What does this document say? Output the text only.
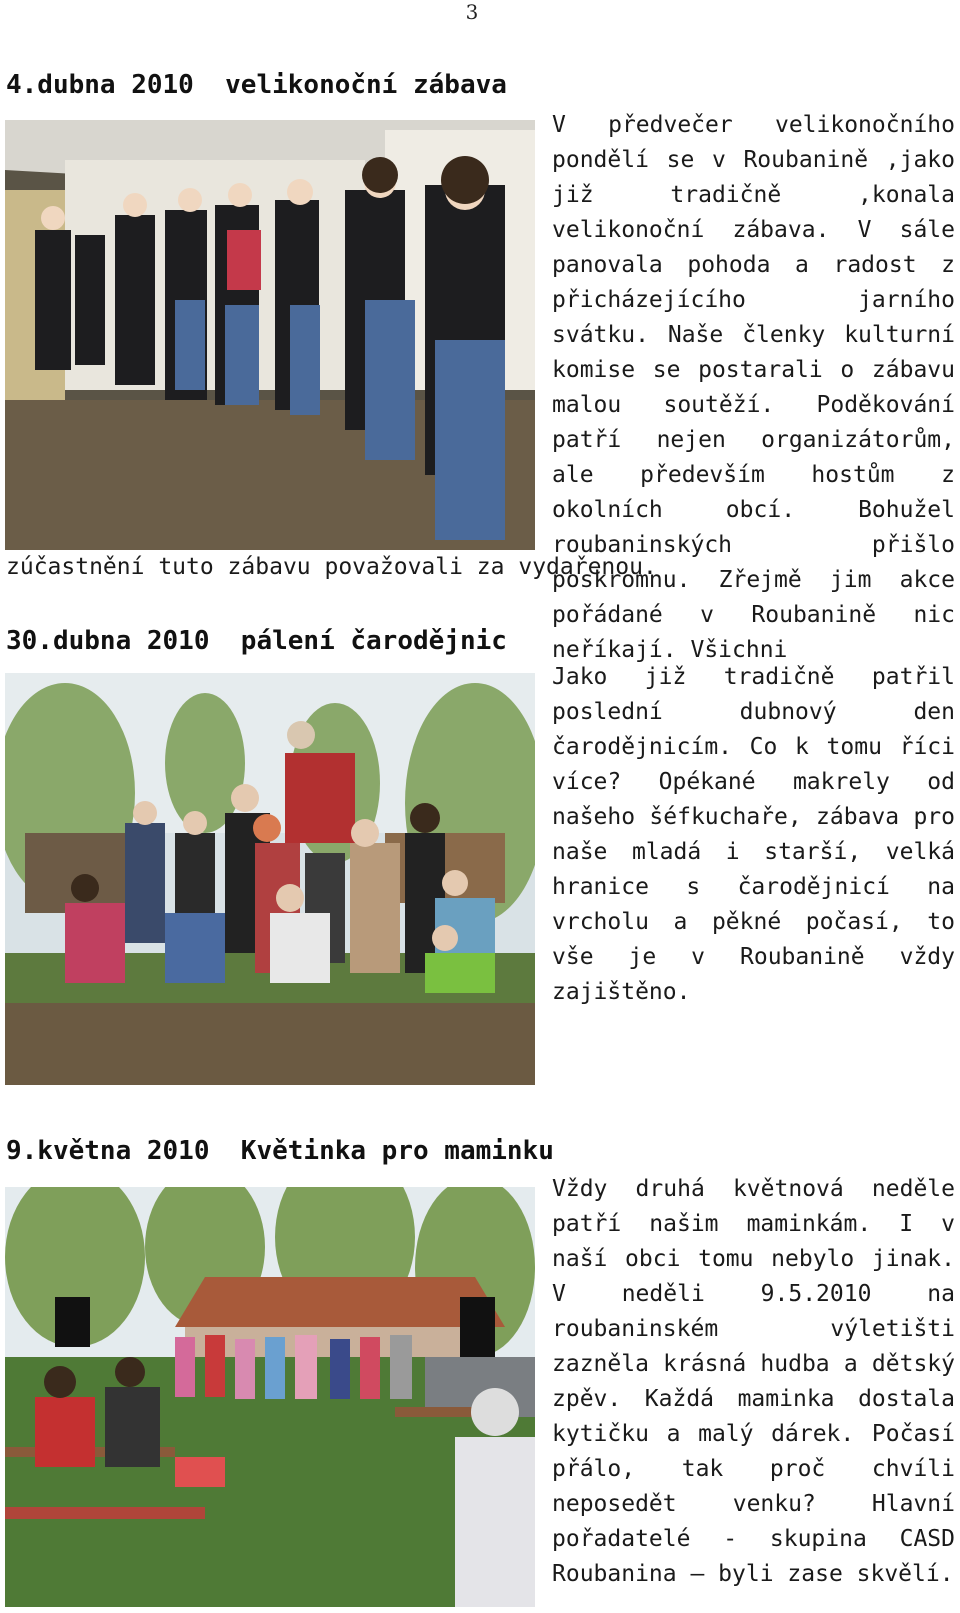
3
4.dubna 2010  velikonoční zábava
V předvečer velikonočního pondělí se v Roubanině ,jako již tradičně ,konala velikonoční zábava. V sále panovala pohoda a radost z přicházejícího jarního svátku. Naše členky kulturní komise se postarali o zábavu malou soutěží. Poděkování patří nejen organizátorům, ale především hostům z okolních obcí. Bohužel roubaninských přišlo poskromnu. Zřejmě jim akce pořádané v Roubanině nic neříkají. Všichni
zúčastnění tuto zábavu považovali za vydařenou.
30.dubna 2010  pálení čarodějnic
Jako již tradičně patřil poslední dubnový den čarodějnicím. Co k tomu říci více? Opékané makrely od našeho šéfkuchaře, zábava pro naše mladá i starší, velká hranice s čarodějnicí na vrcholu a pěkné počasí, to vše je v Roubanině vždy zajištěno.
9.května 2010  Květinka pro maminku
Vždy druhá květnová neděle patří našim maminkám. I v naší obci tomu nebylo jinak. V neděli 9.5.2010 na roubaninském výletišti zazněla krásná hudba a dětský zpěv. Každá maminka dostala kytičku a malý dárek. Počasí přálo, tak proč chvíli neposedět venku? Hlavní pořadatelé - skupina CASD Roubanina – byli zase skvělí.
